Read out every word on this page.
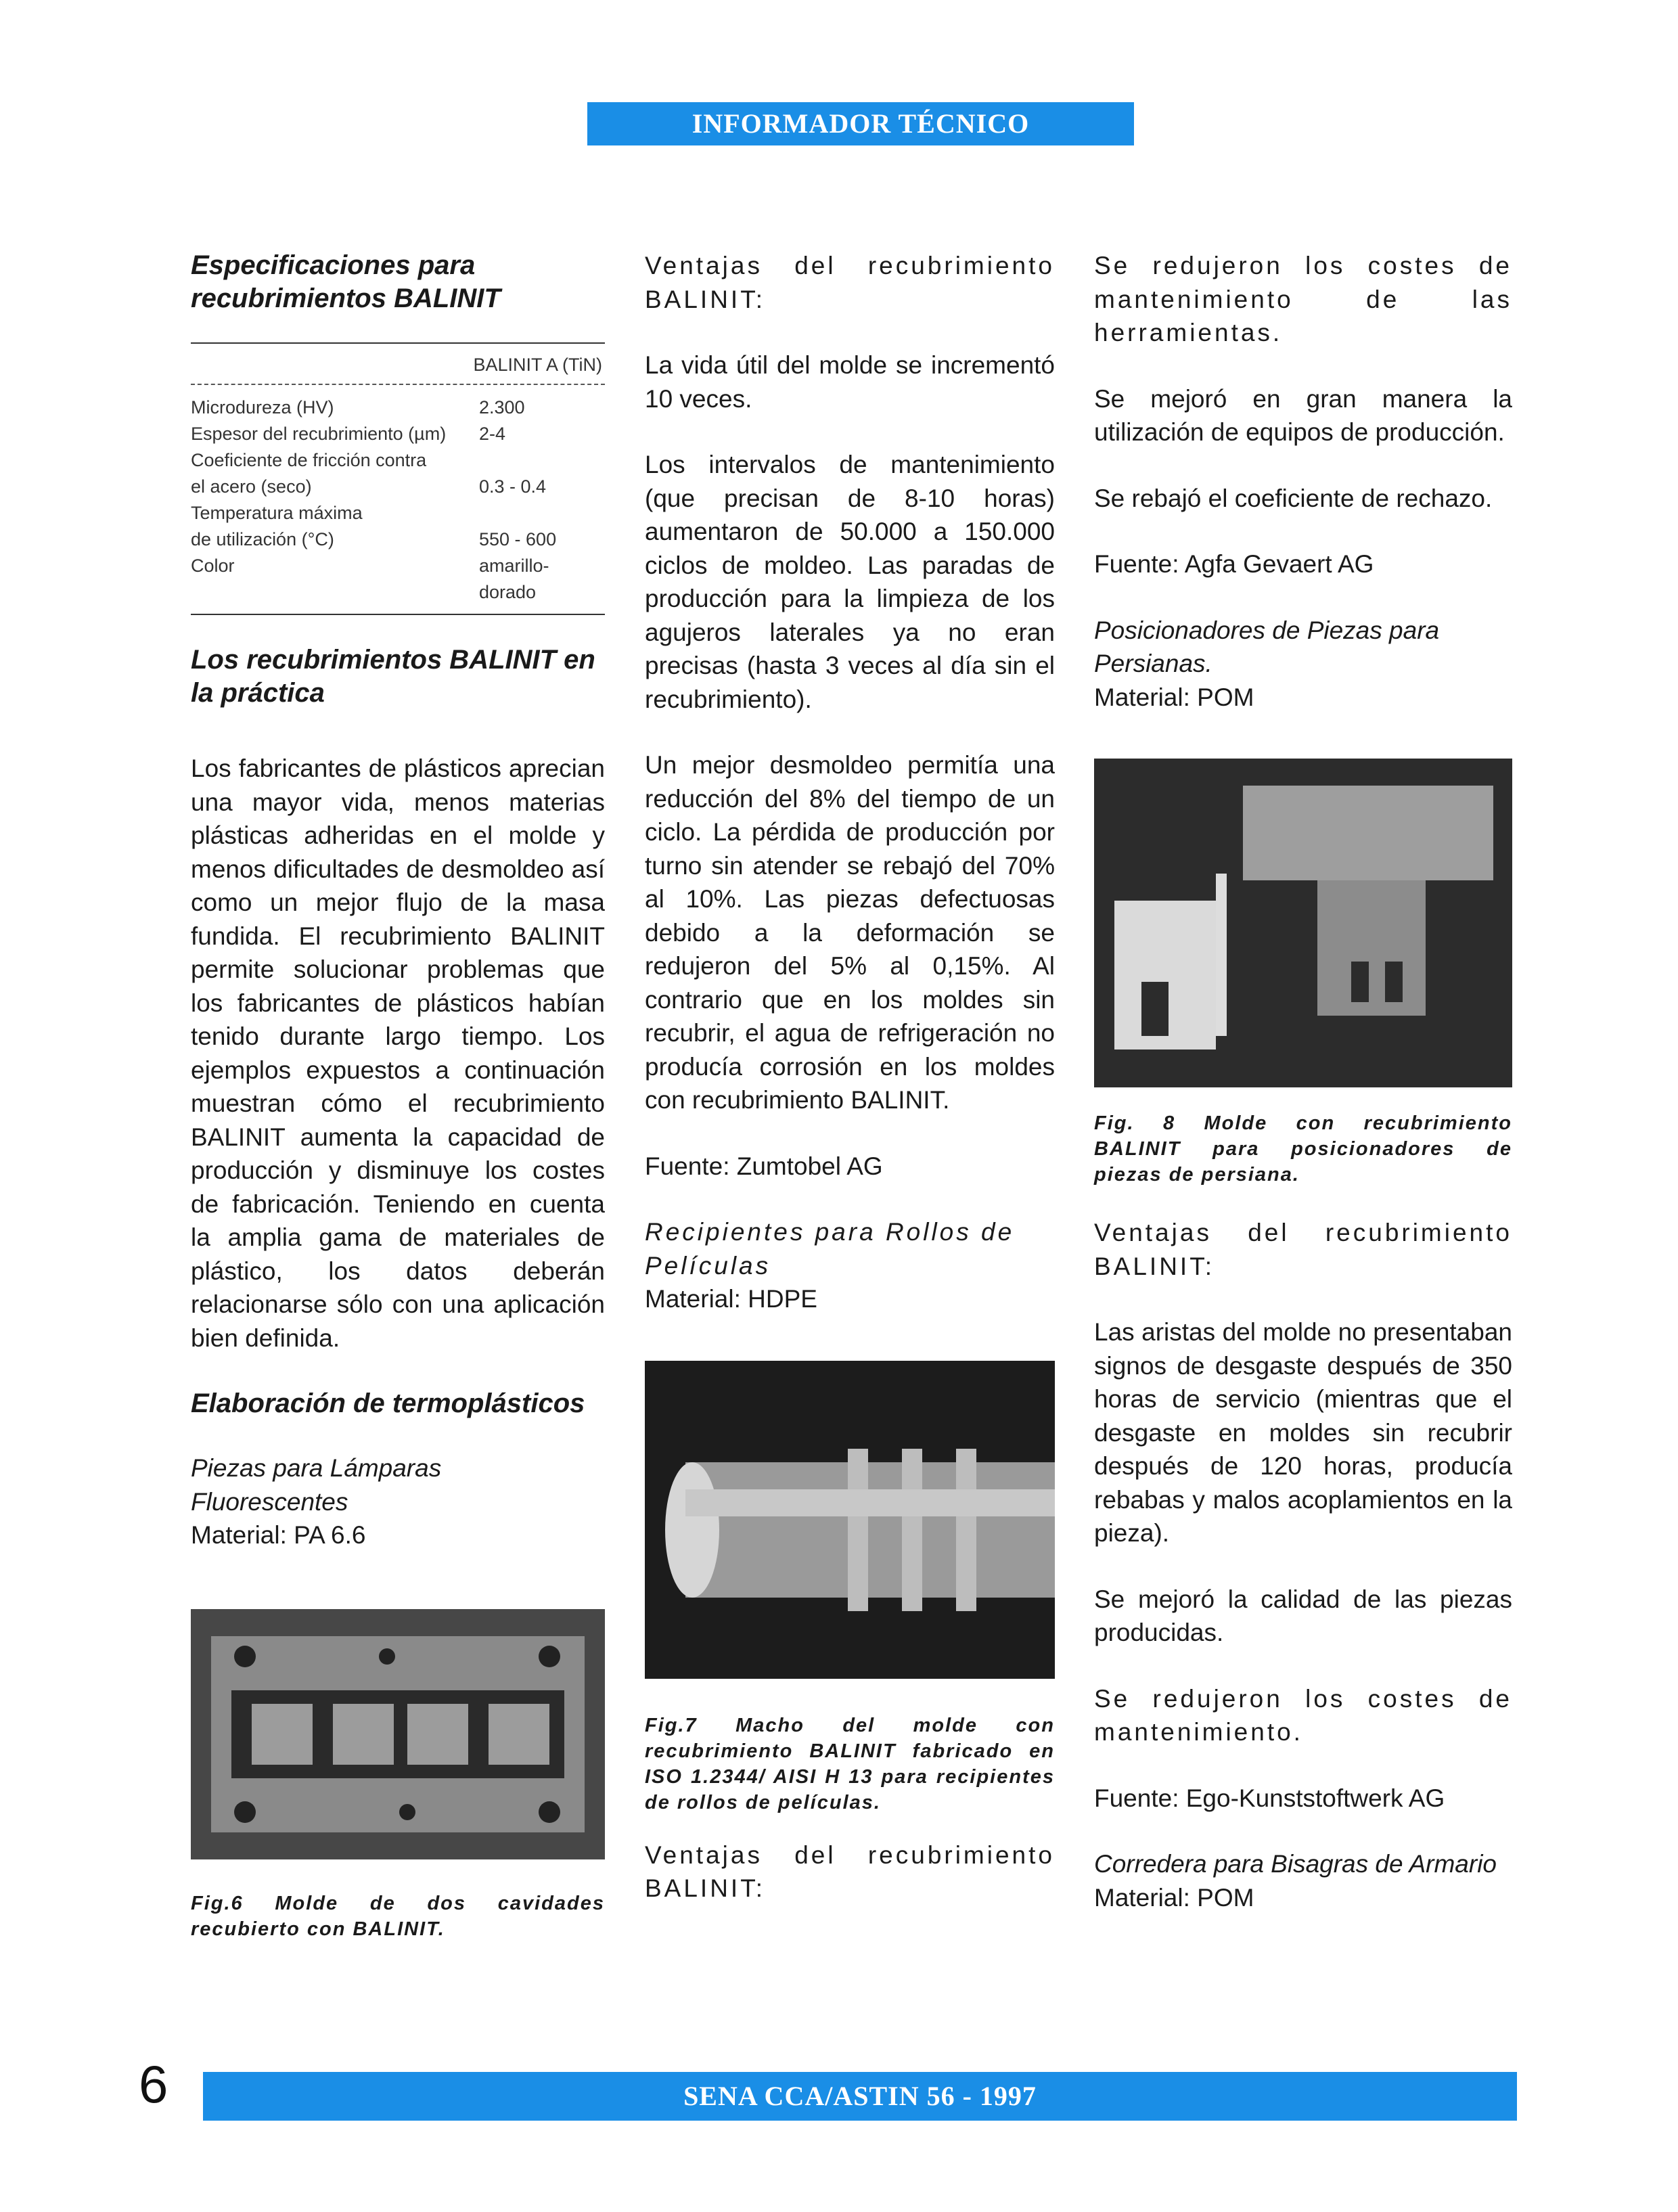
INFORMADOR TÉCNICO

Especificaciones para recubrimientos BALINIT

BALINIT A (TiN)
Microdureza (HV)	2.300
Espesor del recubrimiento (µm) 2-4
Coeficiente de fricción contra
el acero (seco)	0.3 - 0.4
Temperatura máxima
de utilización (°C)	550 - 600
Color	amarillo-dorado

Los recubrimientos BALINIT en la práctica

Los fabricantes de plásticos aprecian una mayor vida, menos materias plásticas adheridas en el molde y menos dificultades de desmoldeo así como un mejor flujo de la masa fundida. El recubrimiento BALINIT permite solucionar problemas que los fabricantes de plásticos habían tenido durante largo tiempo. Los ejemplos expuestos a continuación muestran cómo el recubrimiento BALINIT aumenta la capacidad de producción y disminuye los costes de fabricación. Teniendo en cuenta la amplia gama de materiales de plástico, los datos deberán relacionarse sólo con una aplicación bien definida.

Elaboración de termoplásticos

Piezas para Lámparas Fluorescentes

Material: PA 6.6

Fig.6 Molde de dos cavidades recubierto con BALINIT.

Ventajas del recubrimiento BALINIT:

La vida útil del molde se incrementó 10 veces.

Los intervalos de mantenimiento (que precisan de 8-10 horas) aumentaron de 50.000 a 150.000 ciclos de moldeo. Las paradas de producción para la limpieza de los agujeros laterales ya no eran precisas (hasta 3 veces al día sin el recubrimiento).

Un mejor desmoldeo permitía una reducción del 8% del tiempo de un ciclo. La pérdida de producción por turno sin atender se rebajó del 70% al 10%. Las piezas defectuosas debido a la deformación se redujeron del 5% al 0,15%. Al contrario que en los moldes sin recubrir, el agua de refrigeración no producía corrosión en los moldes con recubrimiento BALINIT.

Fuente: Zumtobel AG

Recipientes para Rollos de Películas

Material: HDPE

Fig.7 Macho del molde con recubrimiento BALINIT fabricado en ISO 1.2344/ AISI H 13 para recipientes de rollos de películas.

Ventajas del recubrimiento BALINIT:

Se redujeron los costes de mantenimiento de las herramientas.

Se mejoró en gran manera la utilización de equipos de producción.

Se rebajó el coeficiente de rechazo.

Fuente: Agfa Gevaert AG

Posicionadores de Piezas para Persianas.

Material: POM

Fig. 8 Molde con recubrimiento BALINIT para posicionadores de piezas de persiana.

Ventajas del recubrimiento BALINIT:

Las aristas del molde no presentaban signos de desgaste después de 350 horas de servicio (mientras que el desgaste en moldes sin recubrir después de 120 horas, producía rebabas y malos acoplamientos en la pieza).

Se mejoró la calidad de las piezas producidas.

Se redujeron los costes de mantenimiento.

Fuente: Ego-Kunststoftwerk AG

Corredera para Bisagras de Armario

Material: POM

6	SENA CCA/ASTIN 56 - 1997
